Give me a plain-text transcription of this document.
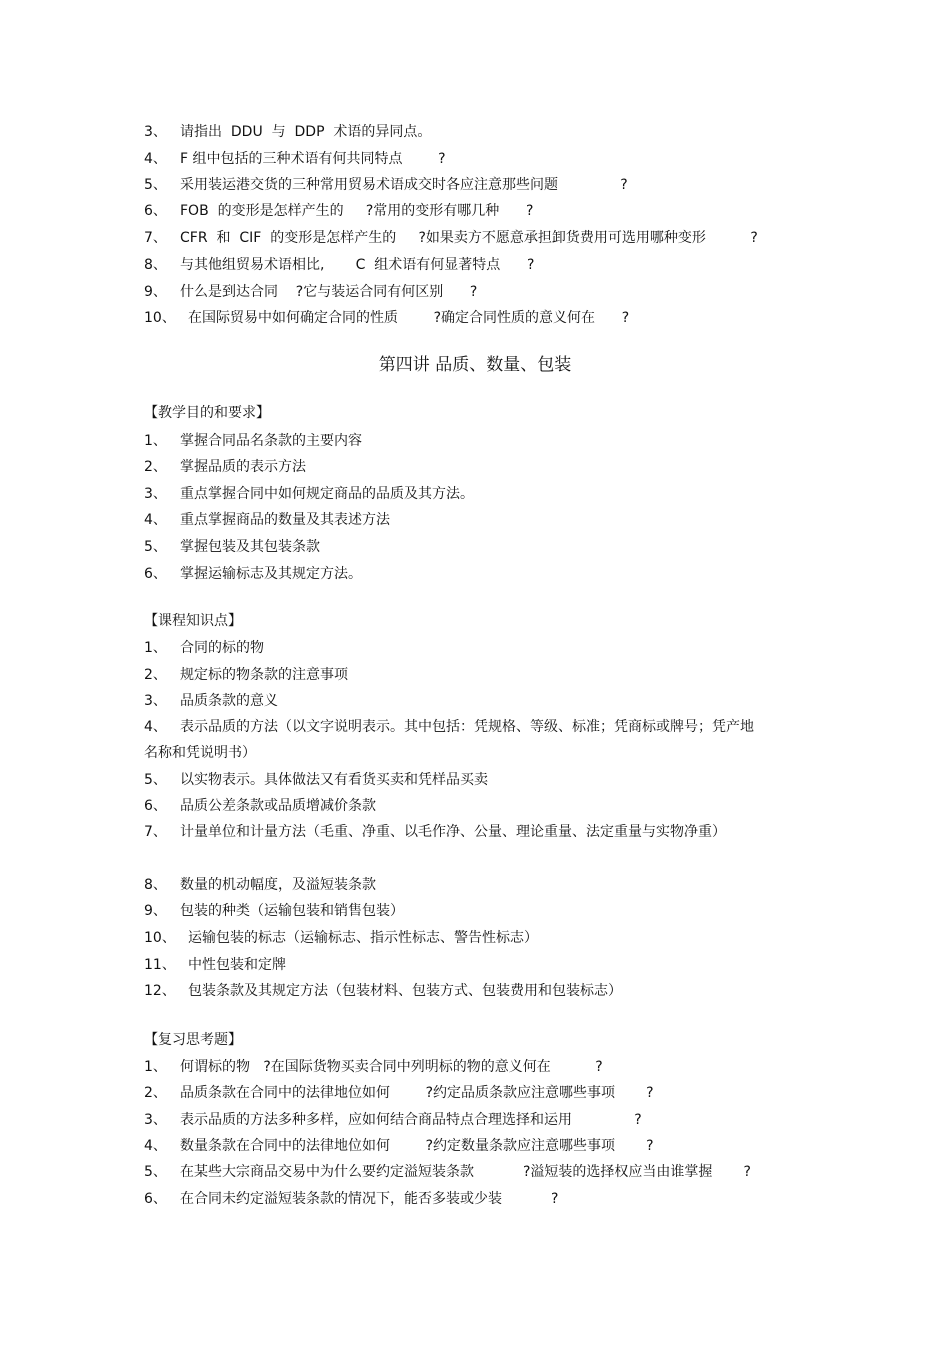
3、 请指出  DDU  与  DDP  术语的异同点。
4、 F 组中包括的三种术语有何共同特点        ?
5、 采用装运港交货的三种常用贸易术语成交时各应注意那些问题              ?
6、 FOB  的变形是怎样产生的     ?常用的变形有哪几种      ?
7、 CFR  和  CIF  的变形是怎样产生的     ?如果卖方不愿意承担卸货费用可选用哪种变形          ?
8、 与其他组贸易术语相比,       C  组术语有何显著特点      ?
9、 什么是到达合同    ?它与装运合同有何区别      ?
10、 在国际贸易中如何确定合同的性质        ?确定合同性质的意义何在      ?
第四讲 品质、数量、包装
【教学目的和要求】
1、 掌握合同品名条款的主要内容
2、 掌握品质的表示方法
3、 重点掌握合同中如何规定商品的品质及其方法。
4、 重点掌握商品的数量及其表述方法
5、 掌握包装及其包装条款
6、 掌握运输标志及其规定方法。
【课程知识点】
1、 合同的标的物
2、 规定标的物条款的注意事项
3、 品质条款的意义
4、 表示品质的方法（以文字说明表示。其中包括：凭规格、等级、标准；凭商标或牌号；凭产地名称和凭说明书）
5、 以实物表示。具体做法又有看货买卖和凭样品买卖
6、 品质公差条款或品质增减价条款
7、 计量单位和计量方法（毛重、净重、以毛作净、公量、理论重量、法定重量与实物净重）
8、 数量的机动幅度，及溢短装条款
9、 包装的种类（运输包装和销售包装）
10、 运输包装的标志（运输标志、指示性标志、警告性标志）
11、 中性包装和定牌
12、 包装条款及其规定方法（包装材料、包装方式、包装费用和包装标志）
【复习思考题】
1、 何谓标的物   ?在国际货物买卖合同中列明标的物的意义何在          ?
2、 品质条款在合同中的法律地位如何        ?约定品质条款应注意哪些事项       ?
3、 表示品质的方法多种多样，应如何结合商品特点合理选择和运用              ?
4、 数量条款在合同中的法律地位如何        ?约定数量条款应注意哪些事项       ?
5、 在某些大宗商品交易中为什么要约定溢短装条款           ?溢短装的选择权应当由谁掌握       ?
6、 在合同未约定溢短装条款的情况下，能否多装或少装           ?
